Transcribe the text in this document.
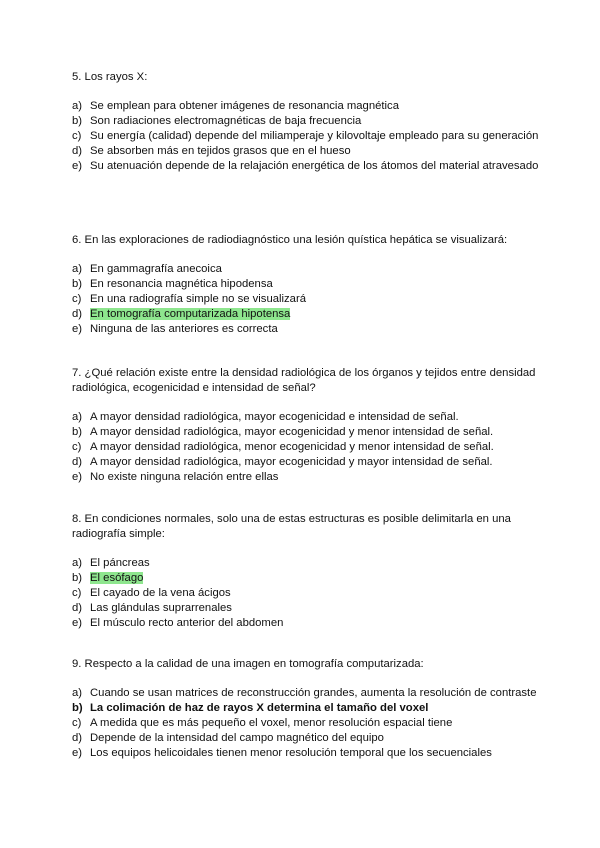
5. Los rayos X:

a) Se emplean para obtener imágenes de resonancia magnética
b) Son radiaciones electromagnéticas de baja frecuencia
c) Su energía (calidad) depende del miliamperaje y kilovoltaje empleado para su generación
d) Se absorben más en tejidos grasos que en el hueso
e) Su atenuación depende de la relajación energética de los átomos del material atravesado

6. En las exploraciones de radiodiagnóstico una lesión quística hepática se visualizará:

a) En gammagrafía anecoica
b) En resonancia magnética hipodensa
c) En una radiografía simple no se visualizará
d) En tomografía computarizada hipotensa
e) Ninguna de las anteriores es correcta

7. ¿Qué relación existe entre la densidad radiológica de los órganos y tejidos entre densidad radiológica, ecogenicidad e intensidad de señal?

a) A mayor densidad radiológica, mayor ecogenicidad e intensidad de señal.
b) A mayor densidad radiológica, mayor ecogenicidad y menor intensidad de señal.
c) A mayor densidad radiológica, menor ecogenicidad y menor intensidad de señal.
d) A mayor densidad radiológica, mayor ecogenicidad y mayor intensidad de señal.
e) No existe ninguna relación entre ellas

8. En condiciones normales, solo una de estas estructuras es posible delimitarla en una radiografía simple:

a) El páncreas
b) El esófago
c) El cayado de la vena ácigos
d) Las glándulas suprarrenales
e) El músculo recto anterior del abdomen

9. Respecto a la calidad de una imagen en tomografía computarizada:

a) Cuando se usan matrices de reconstrucción grandes, aumenta la resolución de contraste
b) La colimación de haz de rayos X determina el tamaño del voxel
c) A medida que es más pequeño el voxel, menor resolución espacial tiene
d) Depende de la intensidad del campo magnético del equipo
e) Los equipos helicoidales tienen menor resolución temporal que los secuenciales
